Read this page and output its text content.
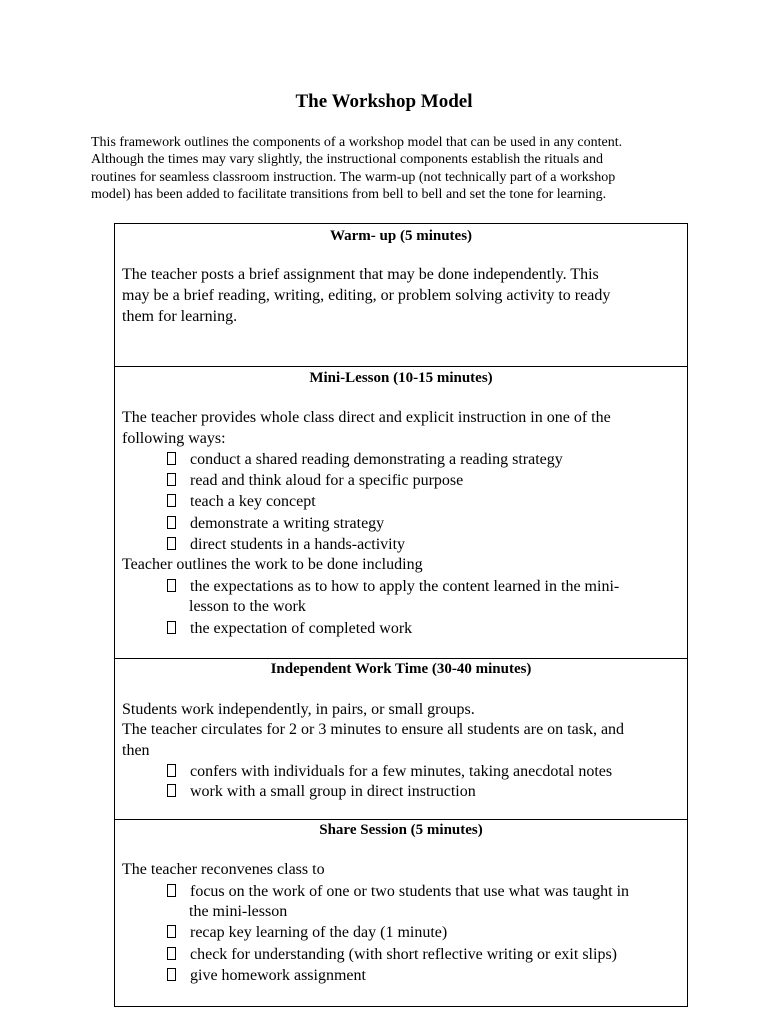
The Workshop Model
This framework outlines the components of a workshop model that can be used in any content.
Although the times may vary slightly, the instructional components establish the rituals and
routines for seamless classroom instruction. The warm-up (not technically part of a workshop
model) has been added to facilitate transitions from bell to bell and set the tone for learning.
Warm- up (5 minutes)
The teacher posts a brief assignment that may be done independently. This
may be a brief reading, writing, editing, or problem solving activity to ready
them for learning.
Mini-Lesson (10-15 minutes)
The teacher provides whole class direct and explicit instruction in one of the
following ways:
conduct a shared reading demonstrating a reading strategy
read and think aloud for a specific purpose
teach a key concept
demonstrate a writing strategy
direct students in a hands-activity
Teacher outlines the work to be done including
the expectations as to how to apply the content learned in the mini-
lesson to the work
the expectation of completed work
Independent Work Time (30-40 minutes)
Students work independently, in pairs, or small groups.
The teacher circulates for 2 or 3 minutes to ensure all students are on task, and
then
confers with individuals for a few minutes, taking anecdotal notes
work with a small group in direct instruction
Share Session (5 minutes)
The teacher reconvenes class to
focus on the work of one or two students that use what was taught in
the mini-lesson
recap key learning of the day (1 minute)
check for understanding (with short reflective writing or exit slips)
give homework assignment
